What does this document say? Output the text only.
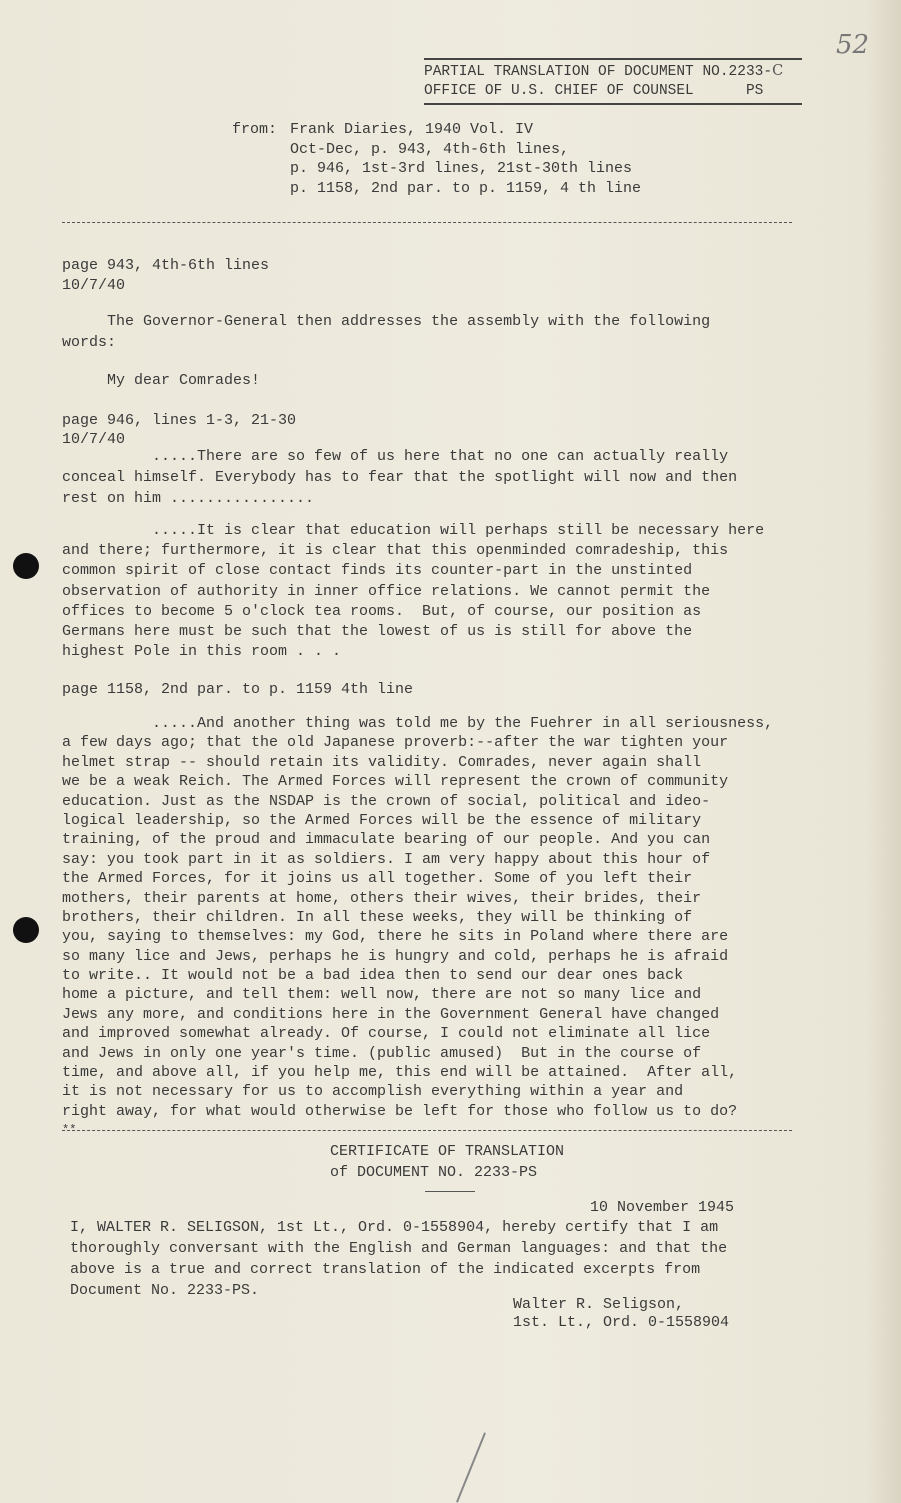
52
PARTIAL TRANSLATION OF DOCUMENT NO.2233-C
OFFICE OF U.S. CHIEF OF COUNSEL      PS
from: Frank Diaries, 1940 Vol. IV
Oct-Dec, p. 943, 4th-6th lines,
p. 946, 1st-3rd lines, 21st-30th lines
p. 1158, 2nd par. to p. 1159, 4 th line
page 943, 4th-6th lines
10/7/40
The Governor-General then addresses the assembly with the following
words:
My dear Comrades!
page 946, lines 1-3, 21-30
10/7/40
.....There are so few of us here that no one can actually really
conceal himself. Everybody has to fear that the spotlight will now and then
rest on him ................
.....It is clear that education will perhaps still be necessary here
and there; furthermore, it is clear that this openminded comradeship, this
common spirit of close contact finds its counter-part in the unstinted
observation of authority in inner office relations. We cannot permit the
offices to become 5 o'clock tea rooms.  But, of course, our position as
Germans here must be such that the lowest of us is still for above the
highest Pole in this room . . .
page 1158, 2nd par. to p. 1159 4th line
.....And another thing was told me by the Fuehrer in all seriousness,
a few days ago; that the old Japanese proverb:--after the war tighten your
helmet strap -- should retain its validity. Comrades, never again shall
we be a weak Reich. The Armed Forces will represent the crown of community
education. Just as the NSDAP is the crown of social, political and ideo-
logical leadership, so the Armed Forces will be the essence of military
training, of the proud and immaculate bearing of our people. And you can
say: you took part in it as soldiers. I am very happy about this hour of
the Armed Forces, for it joins us all together. Some of you left their
mothers, their parents at home, others their wives, their brides, their
brothers, their children. In all these weeks, they will be thinking of
you, saying to themselves: my God, there he sits in Poland where there are
so many lice and Jews, perhaps he is hungry and cold, perhaps he is afraid
to write.. It would not be a bad idea then to send our dear ones back
home a picture, and tell them: well now, there are not so many lice and
Jews any more, and conditions here in the Government General have changed
and improved somewhat already. Of course, I could not eliminate all lice
and Jews in only one year's time. (public amused)  But in the course of
time, and above all, if you help me, this end will be attained.  After all,
it is not necessary for us to accomplish everything within a year and
right away, for what would otherwise be left for those who follow us to do?
**
CERTIFICATE OF TRANSLATION
of DOCUMENT NO. 2233-PS
10 November 1945
I, WALTER R. SELIGSON, 1st Lt., Ord. 0-1558904, hereby certify that I am
thoroughly conversant with the English and German languages: and that the
above is a true and correct translation of the indicated excerpts from
Document No. 2233-PS.
Walter R. Seligson,
1st. Lt., Ord. 0-1558904
